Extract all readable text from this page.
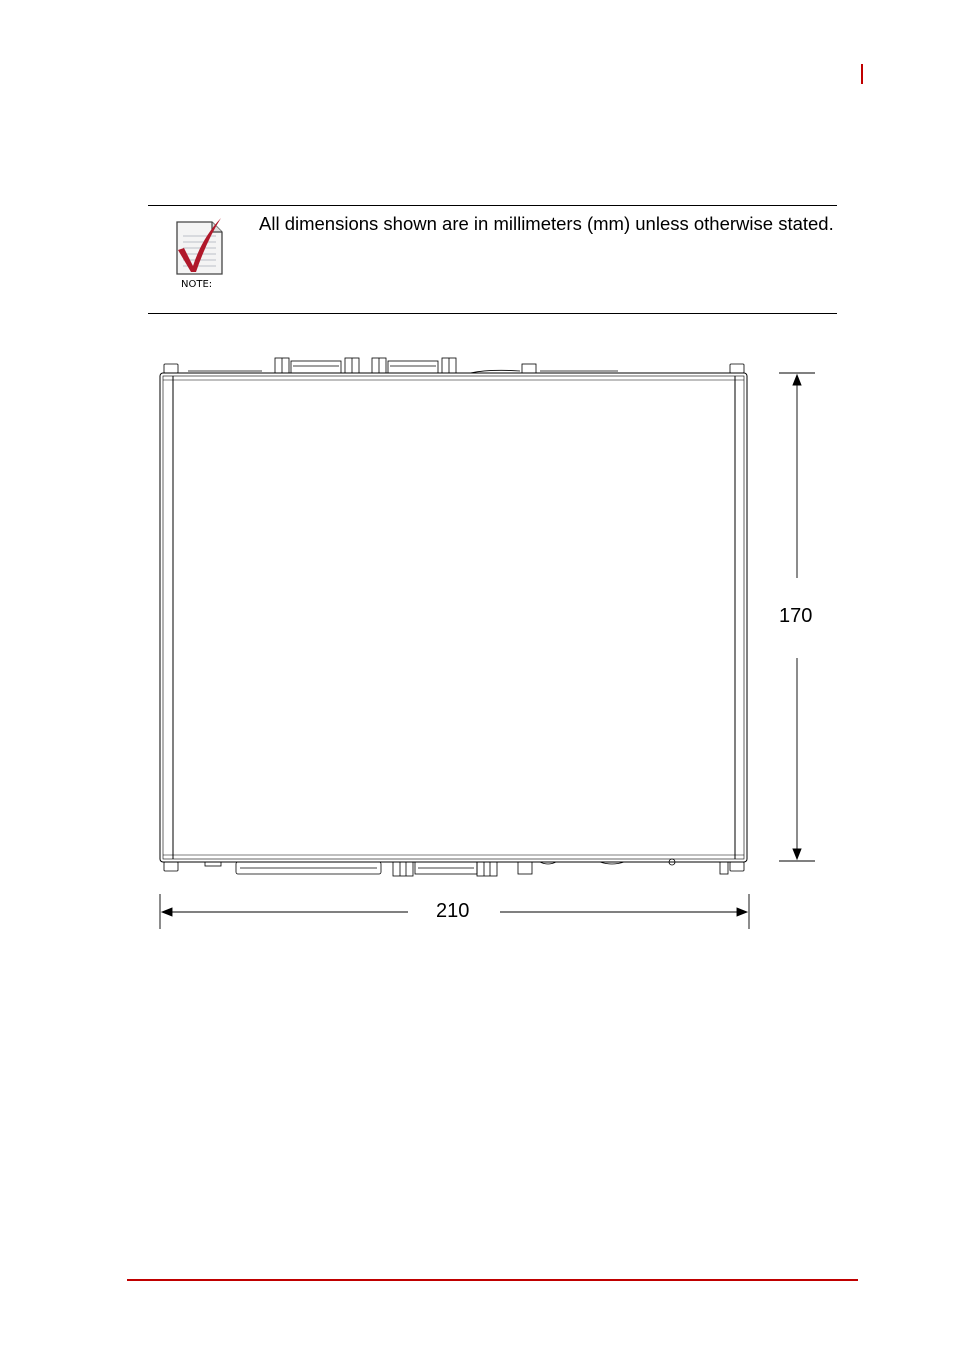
NOTE:
All dimensions shown are in millimeters (mm) unless otherwise stated.
210
170
